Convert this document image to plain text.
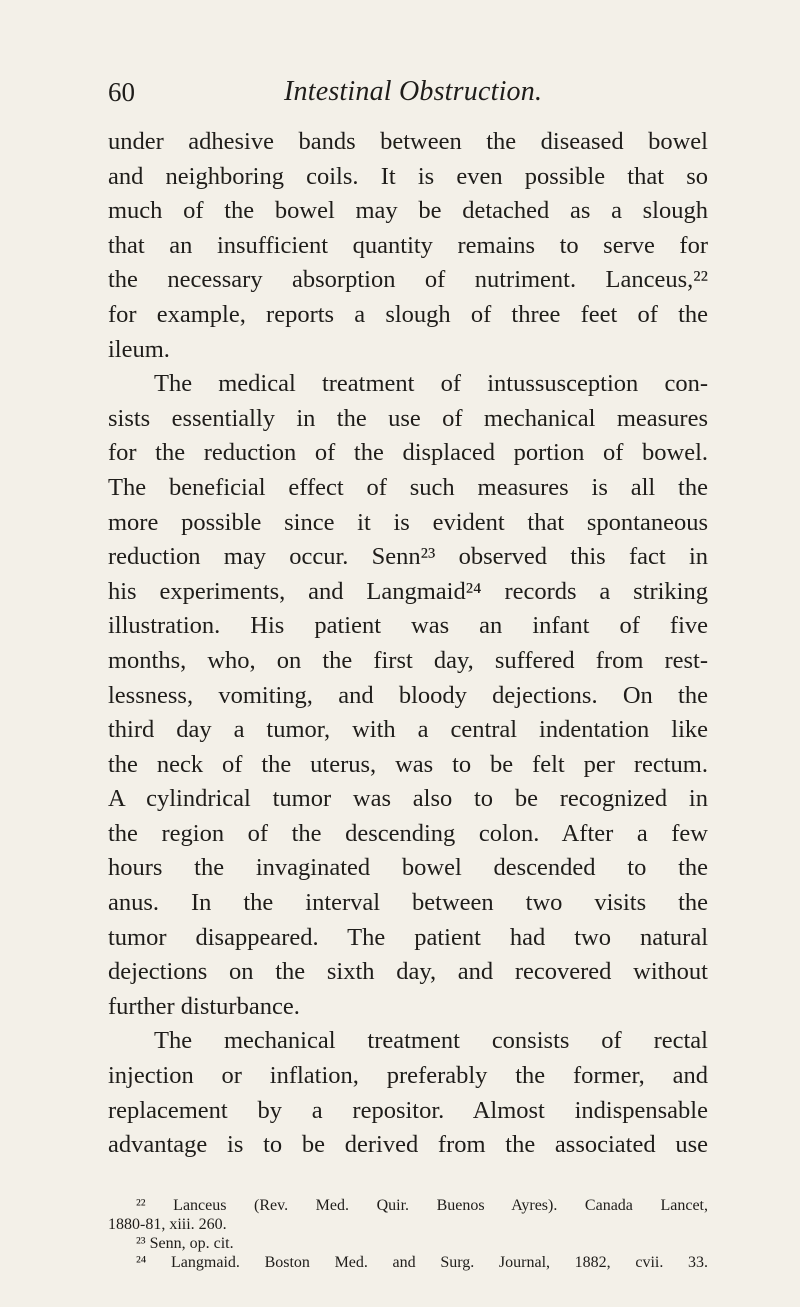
60	Intestinal Obstruction.
under adhesive bands between the diseased bowel
and neighboring coils. It is even possible that so
much of the bowel may be detached as a slough
that an insufficient quantity remains to serve for
the necessary absorption of nutriment. Lanceus,²²
for example, reports a slough of three feet of the
ileum.
The medical treatment of intussusception con-
sists essentially in the use of mechanical measures
for the reduction of the displaced portion of bowel.
The beneficial effect of such measures is all the
more possible since it is evident that spontaneous
reduction may occur. Senn²³ observed this fact in
his experiments, and Langmaid²⁴ records a striking
illustration. His patient was an infant of five
months, who, on the first day, suffered from rest-
lessness, vomiting, and bloody dejections. On the
third day a tumor, with a central indentation like
the neck of the uterus, was to be felt per rectum.
A cylindrical tumor was also to be recognized in
the region of the descending colon. After a few
hours the invaginated bowel descended to the
anus. In the interval between two visits the
tumor disappeared. The patient had two natural
dejections on the sixth day, and recovered without
further disturbance.
The mechanical treatment consists of rectal
injection or inflation, preferably the former, and
replacement by a repositor. Almost indispensable
advantage is to be derived from the associated use
²² Lanceus (Rev. Med. Quir. Buenos Ayres). Canada Lancet,
1880-81, xiii. 260.
²³ Senn, op. cit.
²⁴ Langmaid. Boston Med. and Surg. Journal, 1882, cvii. 33.
